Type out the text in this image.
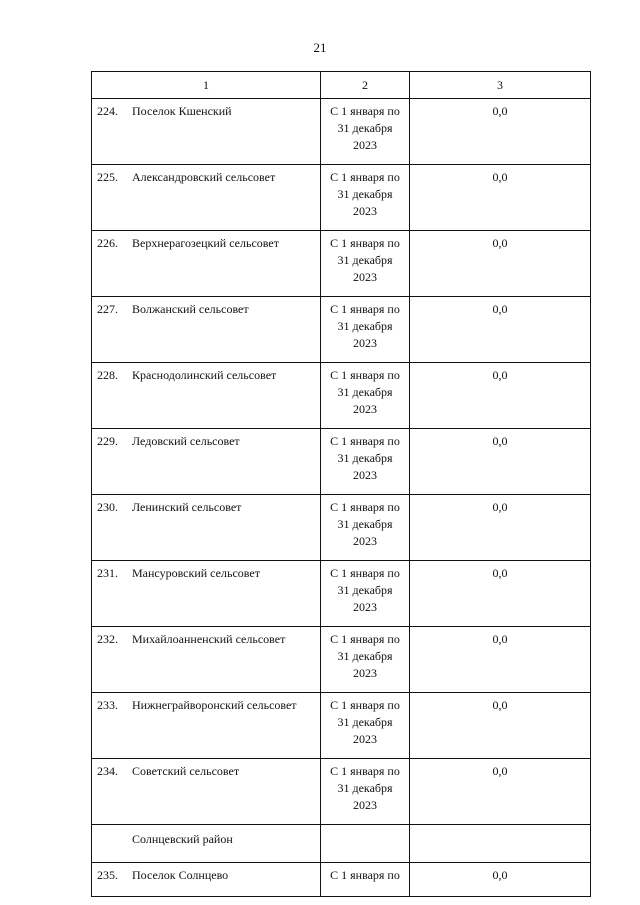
21
1	2	3
224. Поселок Кшенский	С 1 января по
31 декабря
2023	0,0
225. Александровский сельсовет	С 1 января по
31 декабря
2023	0,0
226. Верхнерагозецкий сельсовет	С 1 января по
31 декабря
2023	0,0
227. Волжанский сельсовет	С 1 января по
31 декабря
2023	0,0
228. Краснодолинский сельсовет	С 1 января по
31 декабря
2023	0,0
229. Ледовский сельсовет	С 1 января по
31 декабря
2023	0,0
230. Ленинский сельсовет	С 1 января по
31 декабря
2023	0,0
231. Мансуровский сельсовет	С 1 января по
31 декабря
2023	0,0
232. Михайлоанненский сельсовет	С 1 января по
31 декабря
2023	0,0
233. Нижнеграйворонский сельсовет	С 1 января по
31 декабря
2023	0,0
234. Советский сельсовет	С 1 января по
31 декабря
2023	0,0
Солнцевский район		
235. Поселок Солнцево	С 1 января по	0,0
